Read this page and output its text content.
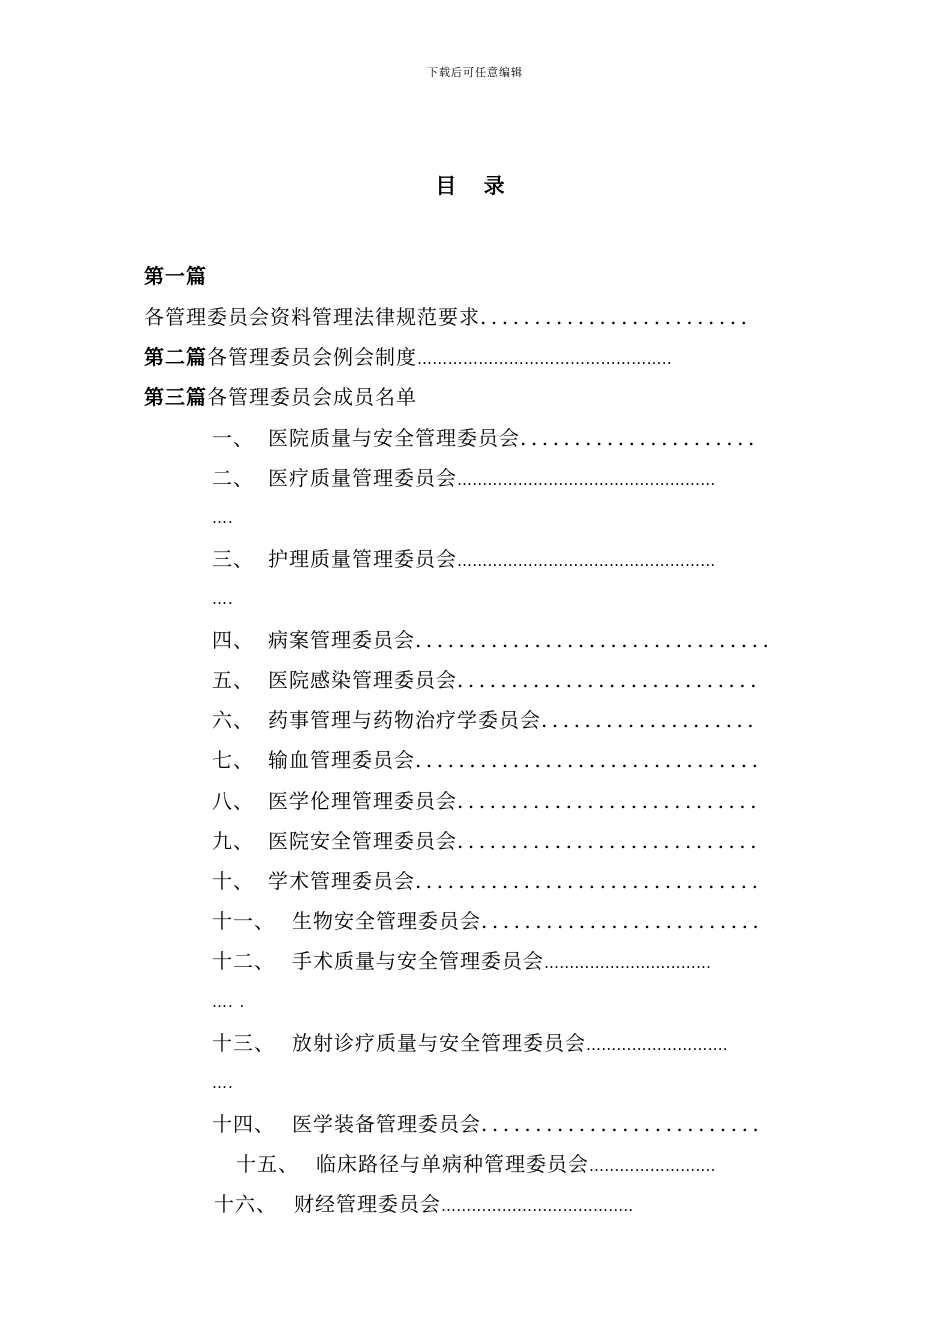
下载后可任意编辑
目 录
第一篇
各管理委员会资料管理法律规范要求.........................
第二篇各管理委员会例会制度…………………………………………..
第三篇各管理委员会成员名单
一、 医院质量与安全管理委员会......................
二、 医疗质量管理委员会……………………………………………
….
三、 护理质量管理委员会……………………………………………
….
四、 病案管理委员会.................................
五、 医院感染管理委员会............................
六、 药事管理与药物治疗学委员会....................
七、 输血管理委员会................................
八、 医学伦理管理委员会............................
九、 医院安全管理委员会............................
十、 学术管理委员会................................
十一、 生物安全管理委员会..........................
十二、 手术质量与安全管理委员会……………………………
…. .
十三、 放射诊疗质量与安全管理委员会……………………….
….
十四、 医学装备管理委员会..........................
十五、 临床路径与单病种管理委员会…………………….
十六、 财经管理委员会………………………………..
